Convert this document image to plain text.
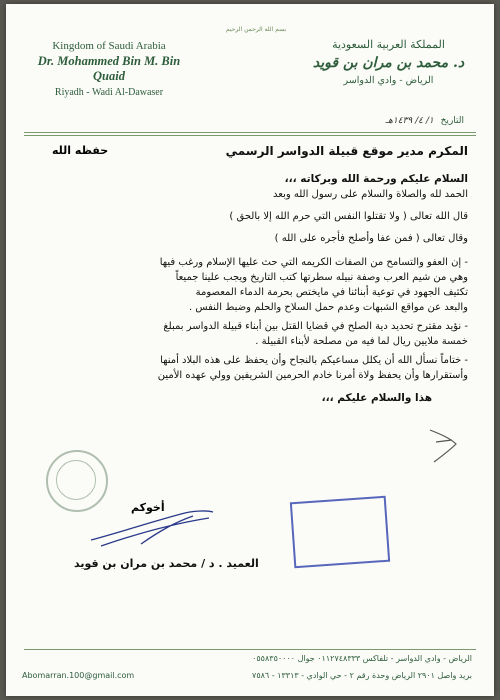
بسم الله الرحمن الرحيم
Kingdom of Saudi Arabia
Dr. Mohammed Bin M. Bin Quaid
Riyadh - Wadi Al-Dawaser
المملكة العربية السعودية
د. محمد بن مران بن قويد
الرياض - وادي الدواسر
التاريخ ١/ ٤/ ١٤٣٩هـ
حفظه الله	المكرم مدير موقع قبيلة الدواسر الرسمي
السلام عليكم ورحمة الله وبركاته ،،،
الحمد لله والصلاة والسلام على رسول الله وبعد
قال الله تعالى ( ولا تقتلوا النفس التي حرم الله إلا بالحق )
وقال تعالى ( فمن عفا وأصلح فأجره على الله )
- إن العفو والتسامح من الصفات الكريمه التي حث عليها الإسلام ورغب فيها
وهي من شيم العرب وصفة نبيله سطرتها كتب التاريخ ويجب علينا جميعاً
تكثيف الجهود في توعية أبنائنا في مايختص بحرمة الدماء المعصومة
والبعد عن مواقع الشبهات وعدم حمل السلاح والحلم وضبط النفس .
- نؤيد مقترح تحديد دية الصلح في قضايا القتل بين أبناء قبيلة الدواسر بمبلغ
خمسة ملايين ريال لما فيه من مصلحة لأبناء القبيلة .
- ختاماً نسأل الله أن يكلل مساعيكم بالنجاح وأن يحفظ على هذه البلاد أمنها
وأستقرارها وأن يحفظ ولاة أمرنا خادم الحرمين الشريفين وولي عهده الأمين
هذا والسلام عليكم ،،،
أخوكم
العميد . د / محمد بن مران بن قويد
الرياض - وادي الدواسر - تلفاكس ٠١١٢٧٤٨٣٣٣ جوال ٠٥٥٨٣٥٠٠٠٠
بريد واصل ٢٩٠١ الرياض وحدة رقم ٢ - حي الوادي - ١٣٣١٣ - ٧٥٨٦
Abomarran.100@gmail.com
